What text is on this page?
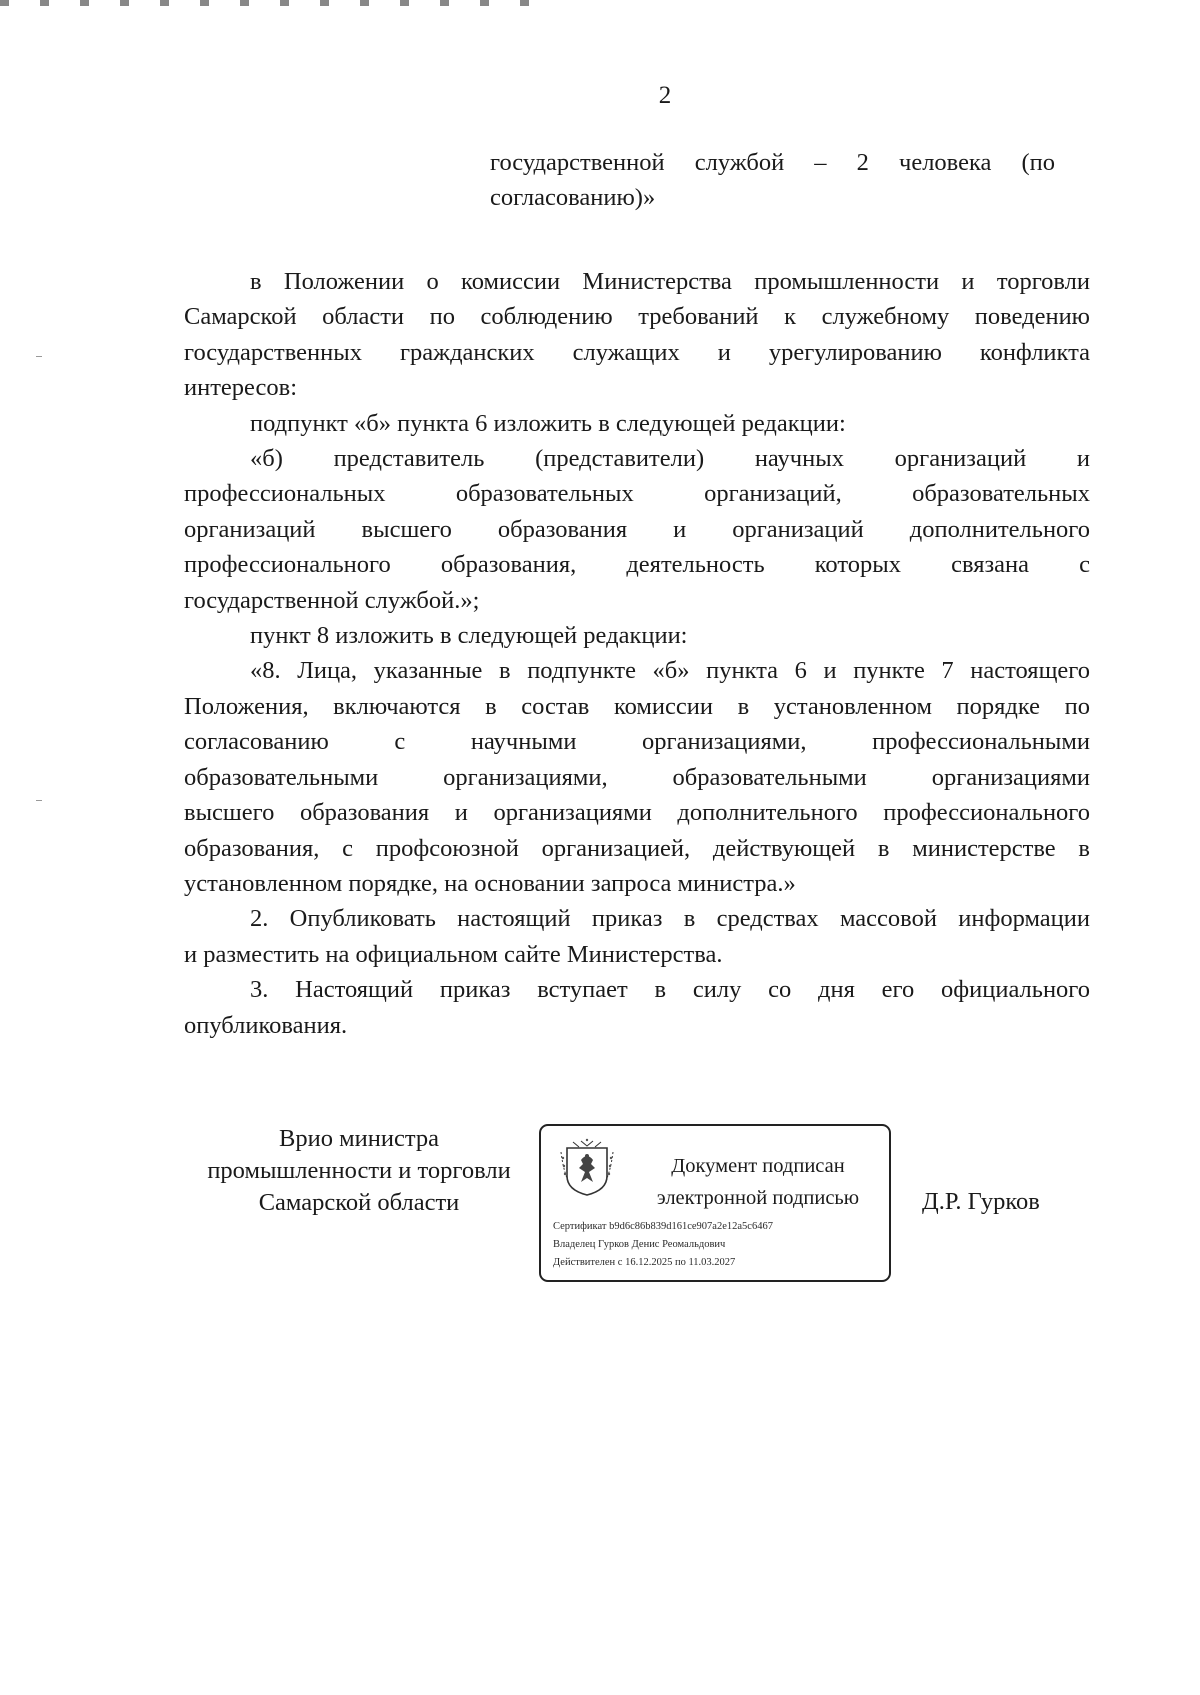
2

государственной службой – 2 человека (по

согласованию)»

в Положении о комиссии Министерства промышленности и торговли

Самарской области по соблюдению требований к служебному поведению

государственных гражданских служащих и урегулированию конфликта

интересов:

подпункт «б» пункта 6 изложить в следующей редакции:

«б) представитель (представители) научных организаций и

профессиональных образовательных организаций, образовательных

организаций высшего образования и организаций дополнительного

профессионального образования, деятельность которых связана с

государственной службой.»;

пункт 8 изложить в следующей редакции:

«8. Лица, указанные в подпункте «б» пункта 6 и пункте 7 настоящего

Положения, включаются в состав комиссии в установленном порядке по

согласованию с научными организациями, профессиональными

образовательными организациями, образовательными организациями

высшего образования и организациями дополнительного профессионального

образования, с профсоюзной организацией, действующей в министерстве в

установленном порядке, на основании запроса министра.»

2. Опубликовать настоящий приказ в средствах массовой информации

и разместить на официальном сайте Министерства.

3. Настоящий приказ вступает в силу со дня его официального

опубликования.

Врио министра

промышленности и торговли

Самарской области

Документ подписан

электронной подписью

Сертификат b9d6c86b839d161ce907a2e12a5c6467

Владелец Гурков Денис Реомальдович

Действителен с 16.12.2025 по 11.03.2027

Д.Р. Гурков
